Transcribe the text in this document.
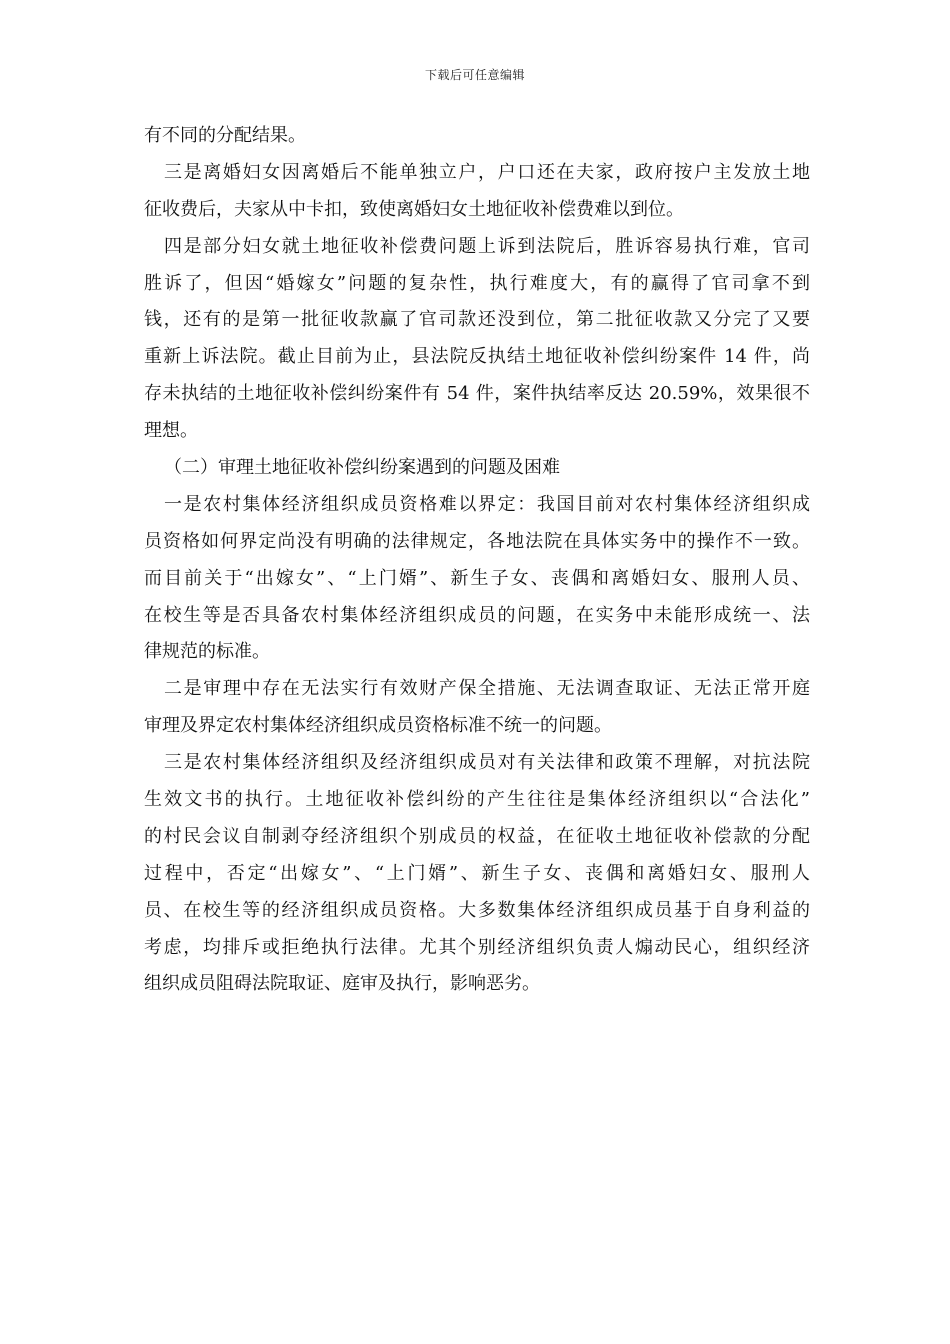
下载后可任意编辑
有不同的分配结果。
三是离婚妇女因离婚后不能单独立户，户口还在夫家，政府按户主发放土地
征收费后，夫家从中卡扣，致使离婚妇女土地征收补偿费难以到位。
四是部分妇女就土地征收补偿费问题上诉到法院后，胜诉容易执行难，官司
胜诉了，但因“婚嫁女”问题的复杂性，执行难度大，有的赢得了官司拿不到
钱，还有的是第一批征收款赢了官司款还没到位，第二批征收款又分完了又要
重新上诉法院。截止目前为止，县法院反执结土地征收补偿纠纷案件 14 件，尚
存未执结的土地征收补偿纠纷案件有 54 件，案件执结率反达 20.59%，效果很不
理想。
（二）审理土地征收补偿纠纷案遇到的问题及困难
一是农村集体经济组织成员资格难以界定：我国目前对农村集体经济组织成
员资格如何界定尚没有明确的法律规定，各地法院在具体实务中的操作不一致。
而目前关于“出嫁女”、“上门婿”、新生子女、丧偶和离婚妇女、服刑人员、
在校生等是否具备农村集体经济组织成员的问题，在实务中未能形成统一、法
律规范的标准。
二是审理中存在无法实行有效财产保全措施、无法调查取证、无法正常开庭
审理及界定农村集体经济组织成员资格标准不统一的问题。
三是农村集体经济组织及经济组织成员对有关法律和政策不理解，对抗法院
生效文书的执行。土地征收补偿纠纷的产生往往是集体经济组织以“合法化”
的村民会议自制剥夺经济组织个别成员的权益，在征收土地征收补偿款的分配
过程中，否定“出嫁女”、“上门婿”、新生子女、丧偶和离婚妇女、服刑人
员、在校生等的经济组织成员资格。大多数集体经济组织成员基于自身利益的
考虑，均排斥或拒绝执行法律。尤其个别经济组织负责人煽动民心，组织经济
组织成员阻碍法院取证、庭审及执行，影响恶劣。
